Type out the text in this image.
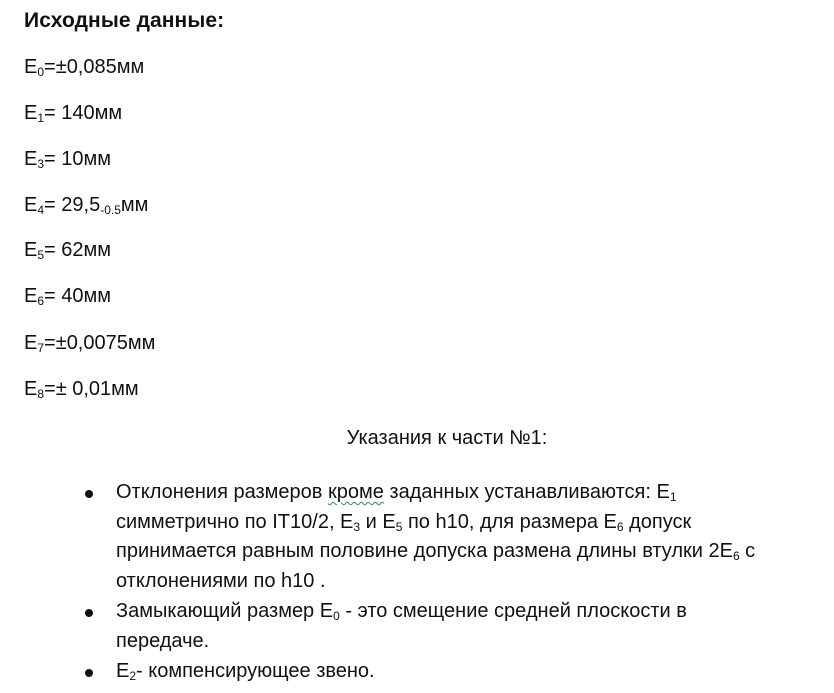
Исходные данные:
$E_0=\pm 0,085мм$
$E_1= 140мм$
$E_3= 10мм$
$E_4= 29,5_{-0.5}мм$
$E_5= 62мм$
$E_6= 40мм$
$E_7=\pm 0,0075мм$
$E_8=\pm 0,01мм$
Указания к части №1:
Отклонения размеров кроме заданных устанавливаются: $E_1$ симметрично по IT10/2, $E_3$ и $E_5$ по h10, для размера $E_6$ допуск принимается равным половине допуска размена длины втулки $2E_6$ с отклонениями по h10 .
Замыкающий размер $E_0$ - это смещение средней плоскости в передаче.
$E_2-$ компенсирующее звено.
